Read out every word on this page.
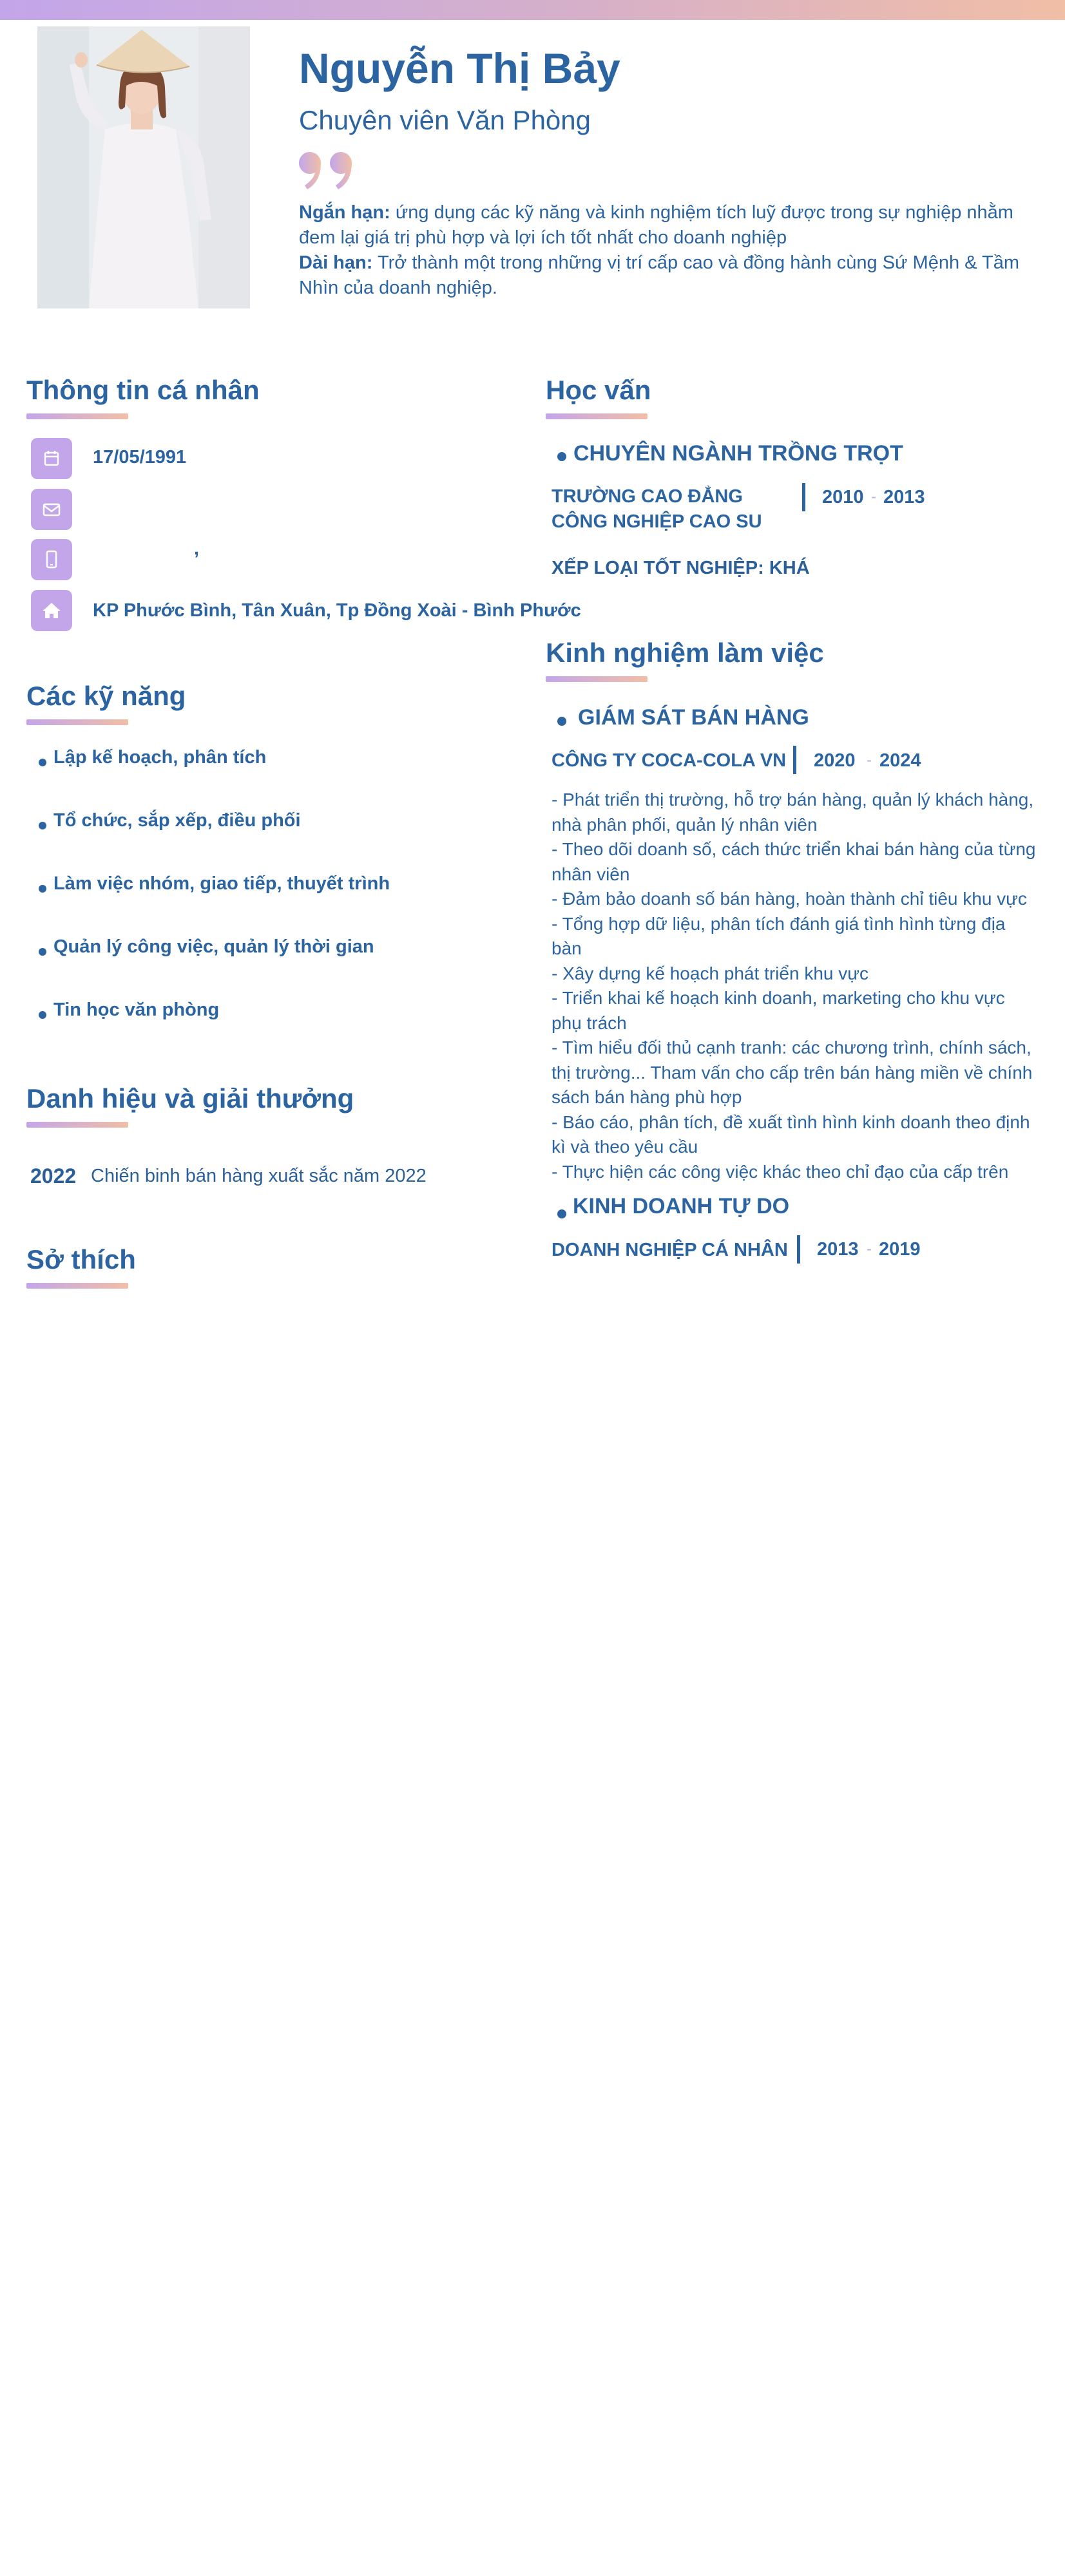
Nguyễn Thị Bảy
Chuyên viên Văn Phòng
Ngắn hạn: ứng dụng các kỹ năng và kinh nghiệm tích luỹ được trong sự nghiệp nhằm đem lại giá trị phù hợp và lợi ích tốt nhất cho doanh nghiệp
Dài hạn: Trở thành một trong những vị trí cấp cao và đồng hành cùng Sứ Mệnh & Tầm Nhìn của doanh nghiệp.
Thông tin cá nhân
17/05/1991
,
KP Phước Bình, Tân Xuân, Tp Đồng Xoài - Bình Phước
Các kỹ năng
Lập kế hoạch, phân tích
Tổ chức, sắp xếp, điều phối
Làm việc nhóm, giao tiếp, thuyết trình
Quản lý công việc, quản lý thời gian
Tin học văn phòng
Danh hiệu và giải thưởng
2022 Chiến binh bán hàng xuất sắc năm 2022
Sở thích
Học vấn
CHUYÊN NGÀNH TRỒNG TRỌT
TRƯỜNG CAO ĐẲNG
CÔNG NGHIỆP CAO SU
2010 - 2013
XẾP LOẠI TỐT NGHIỆP: KHÁ
Kinh nghiệm làm việc
GIÁM SÁT BÁN HÀNG
CÔNG TY COCA-COLA VN 2020 - 2024
- Phát triển thị trường, hỗ trợ bán hàng, quản lý khách hàng, nhà phân phối, quản lý nhân viên
- Theo dõi doanh số, cách thức triển khai bán hàng của từng nhân viên
- Đảm bảo doanh số bán hàng, hoàn thành chỉ tiêu khu vực
- Tổng hợp dữ liệu, phân tích đánh giá tình hình từng địa bàn
- Xây dựng kế hoạch phát triển khu vực
- Triển khai kế hoạch kinh doanh, marketing cho khu vực phụ trách
- Tìm hiểu đối thủ cạnh tranh: các chương trình, chính sách, thị trường... Tham vấn cho cấp trên bán hàng miền về chính sách bán hàng phù hợp
- Báo cáo, phân tích, đề xuất tình hình kinh doanh theo định kì và theo yêu cầu
- Thực hiện các công việc khác theo chỉ đạo của cấp trên
KINH DOANH TỰ DO
DOANH NGHIỆP CÁ NHÂN 2013 - 2019
